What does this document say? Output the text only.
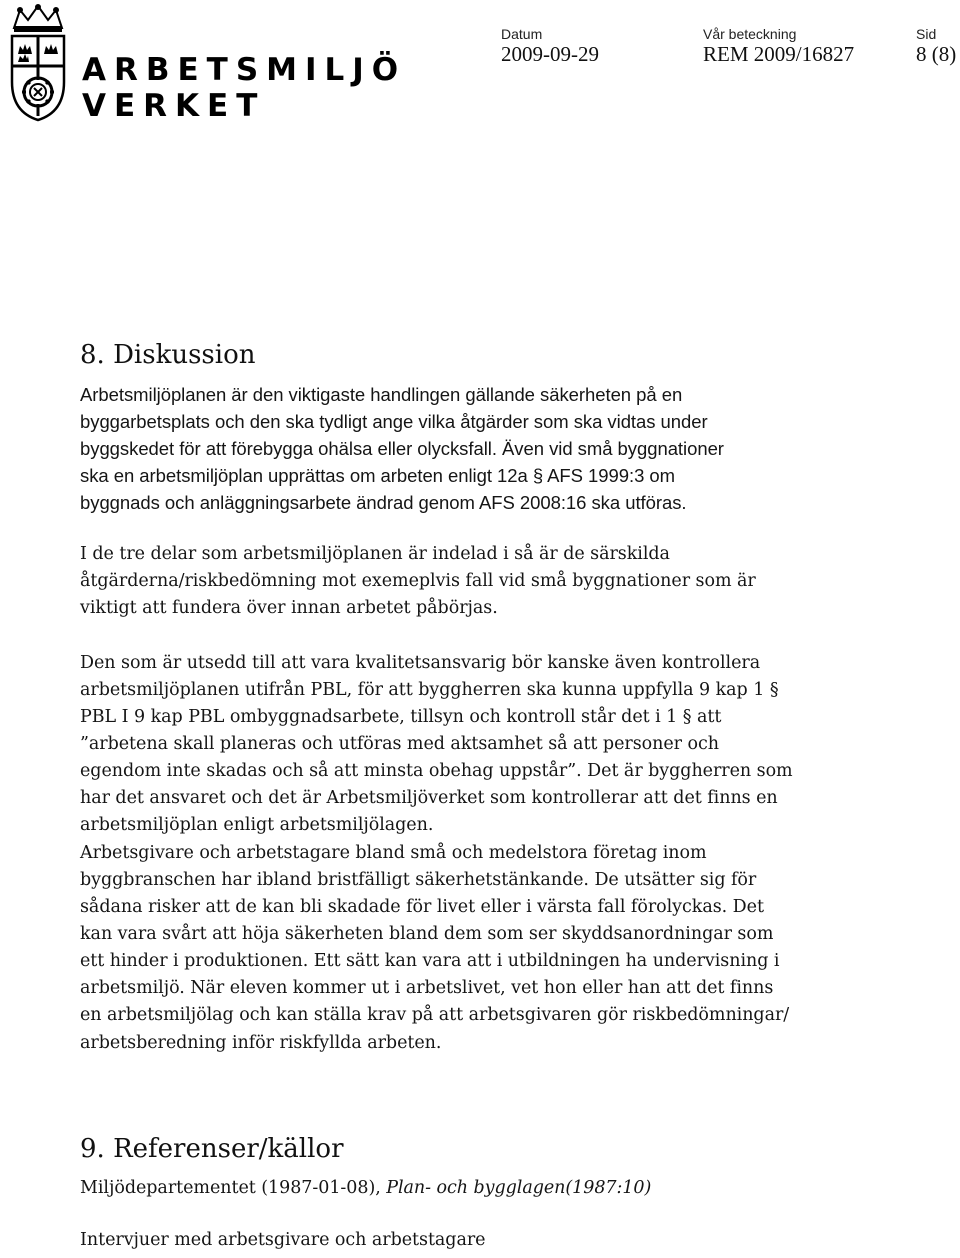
ARBETSMILJÖ
VERKET
Datum
2009-09-29
Vår beteckning
REM 2009/16827
Sid
8 (8)
8. Diskussion
Arbetsmiljöplanen är den viktigaste handlingen gällande säkerheten på en
byggarbetsplats och den ska tydligt ange vilka åtgärder som ska vidtas under
byggskedet för att förebygga ohälsa eller olycksfall. Även vid små byggnationer
ska en arbetsmiljöplan upprättas om arbeten enligt 12a § AFS 1999:3 om
byggnads och anläggningsarbete ändrad genom AFS 2008:16 ska utföras.
I de tre delar som arbetsmiljöplanen är indelad i så är de särskilda
åtgärderna/riskbedömning mot exemeplvis fall vid små byggnationer som är
viktigt att fundera över innan arbetet påbörjas.
Den som är utsedd till att vara kvalitetsansvarig bör kanske även kontrollera
arbetsmiljöplanen utifrån PBL, för att byggherren ska kunna uppfylla 9 kap 1 §
PBL I 9 kap PBL ombyggnadsarbete, tillsyn och kontroll står det i 1 § att
”arbetena skall planeras och utföras med aktsamhet så att personer och
egendom inte skadas och så att minsta obehag uppstår”. Det är byggherren som
har det ansvaret och det är Arbetsmiljöverket som kontrollerar att det finns en
arbetsmiljöplan enligt arbetsmiljölagen.
Arbetsgivare och arbetstagare bland små och medelstora företag inom
byggbranschen har ibland bristfälligt säkerhetstänkande. De utsätter sig för
sådana risker att de kan bli skadade för livet eller i värsta fall förolyckas. Det
kan vara svårt att höja säkerheten bland dem som ser skyddsanordningar som
ett hinder i produktionen. Ett sätt kan vara att i utbildningen ha undervisning i
arbetsmiljö. När eleven kommer ut i arbetslivet, vet hon eller han att det finns
en arbetsmiljölag och kan ställa krav på att arbetsgivaren gör riskbedömningar/
arbetsberedning inför riskfyllda arbeten.
9. Referenser/källor
Miljödepartementet (1987-01-08), Plan- och bygglagen(1987:10)
Intervjuer med arbetsgivare och arbetstagare
